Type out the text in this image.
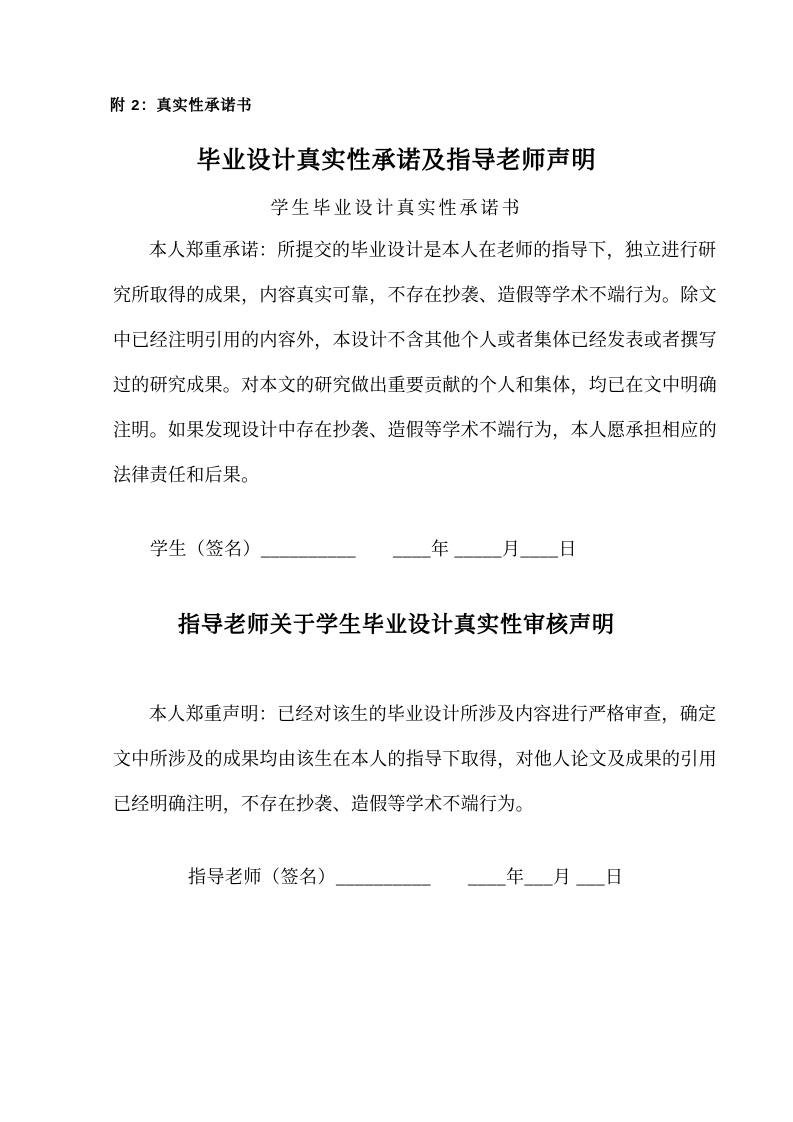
附 2：真实性承诺书
毕业设计真实性承诺及指导老师声明
学生毕业设计真实性承诺书
本人郑重承诺：所提交的毕业设计是本人在老师的指导下，独立进行研
究所取得的成果，内容真实可靠，不存在抄袭、造假等学术不端行为。除文
中已经注明引用的内容外，本设计不含其他个人或者集体已经发表或者撰写
过的研究成果。对本文的研究做出重要贡献的个人和集体，均已在文中明确
注明。如果发现设计中存在抄袭、造假等学术不端行为，本人愿承担相应的
法律责任和后果。
学生（签名）__________　　____年 _____月____日
指导老师关于学生毕业设计真实性审核声明
本人郑重声明：已经对该生的毕业设计所涉及内容进行严格审查，确定
文中所涉及的成果均由该生在本人的指导下取得，对他人论文及成果的引用
已经明确注明，不存在抄袭、造假等学术不端行为。
指导老师（签名）__________　　____年___月 ___日
